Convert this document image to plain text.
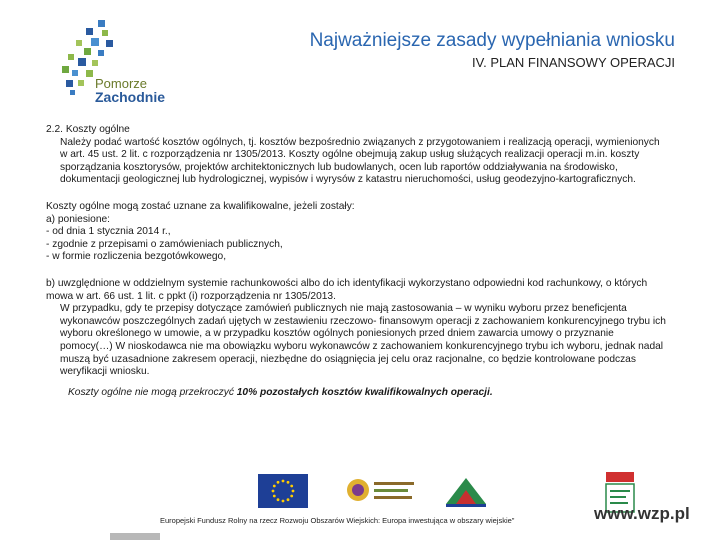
Pomorze
Zachodnie
Najważniejsze zasady wypełniania wniosku
IV. PLAN FINANSOWY OPERACJI

2.2. Koszty ogólne

Należy podać wartość kosztów ogólnych, tj. kosztów bezpośrednio związanych z przygotowaniem i realizacją operacji, wymienionych w art. 45 ust. 2 lit. c rozporządzenia nr 1305/2013. Koszty ogólne obejmują zakup usług służących realizacji operacji m.in. koszty sporządzania kosztorysów, projektów architektonicznych lub budowlanych, ocen lub raportów oddziaływania na środowisko, dokumentacji geologicznej lub hydrologicznej, wypisów i wyrysów z katastru nieruchomości, usług geodezyjno-kartograficznych.

Koszty ogólne mogą zostać uznane za kwalifikowalne, jeżeli zostały:

a) poniesione:

- od dnia 1 stycznia 2014 r.,

- zgodnie z przepisami o zamówieniach publicznych,

- w formie rozliczenia bezgotówkowego,

b) uwzględnione w oddzielnym systemie rachunkowości albo do ich identyfikacji wykorzystano odpowiedni kod rachunkowy, o których mowa w art. 66 ust. 1 lit. c ppkt (i) rozporządzenia nr 1305/2013.

W przypadku, gdy te przepisy dotyczące zamówień publicznych nie mają zastosowania – w wyniku wyboru przez beneficjenta wykonawców poszczególnych zadań ujętych w zestawieniu rzeczowo- finansowym operacji z zachowaniem konkurencyjnego trybu ich wyboru określonego w umowie, a w przypadku kosztów ogólnych poniesionych przed dniem zawarcia umowy o przyznanie pomocy(…) W nioskodawca nie ma obowiązku wyboru wykonawców z zachowaniem konkurencyjnego trybu ich wyboru, jednak nadal muszą być uzasadnione zakresem operacji, niezbędne do osiągnięcia jej celu oraz racjonalne, co będzie kontrolowane podczas weryfikacji wniosku.

Koszty ogólne nie mogą przekroczyć 10% pozostałych kosztów kwalifikowalnych operacji.

Europejski Fundusz Rolny na rzecz Rozwoju Obszarów Wiejskich: Europa inwestująca w obszary wiejskie"	www.wzp.pl
